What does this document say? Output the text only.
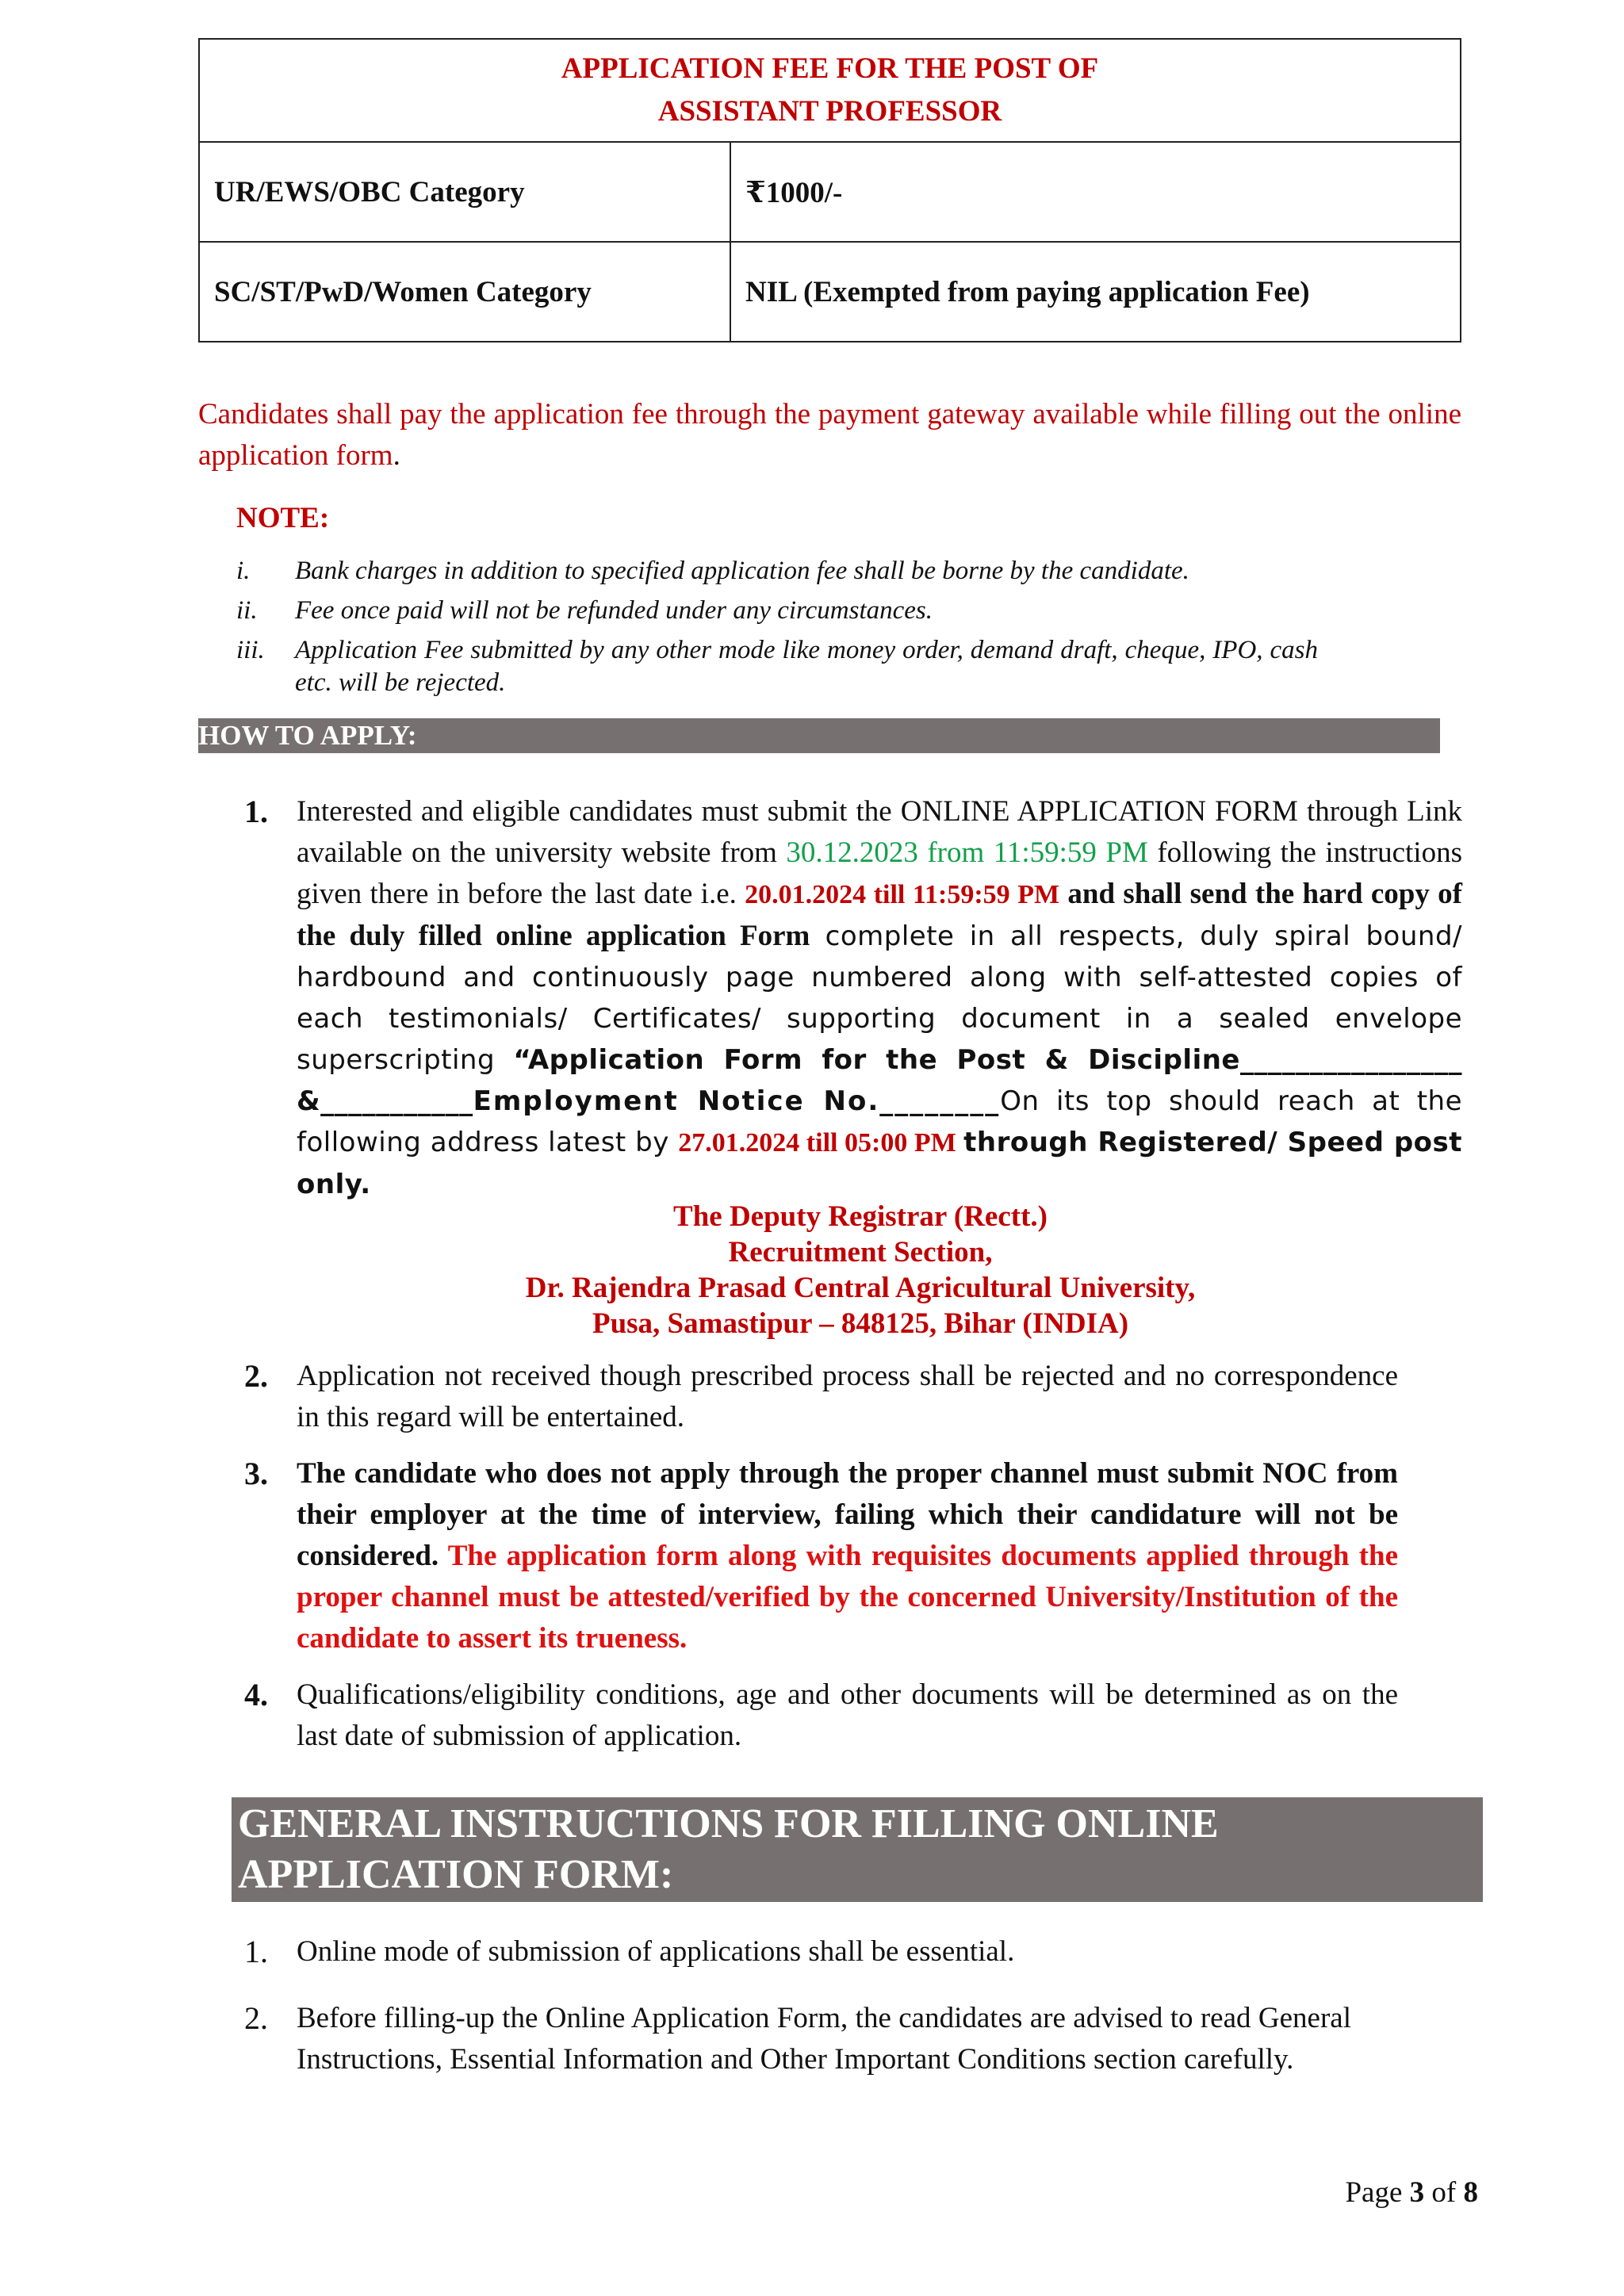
APPLICATION FEE FOR THE POST OF
ASSISTANT PROFESSOR	
UR/EWS/OBC Category	₹1000/-
SC/ST/PwD/Women Category	NIL (Exempted from paying application Fee)
Candidates shall pay the application fee through the payment gateway available while filling out the online application form.
NOTE:
i.	Bank charges in addition to specified application fee shall be borne by the candidate.
ii.	Fee once paid will not be refunded under any circumstances.
iii.	Application Fee submitted by any other mode like money order, demand draft, cheque, IPO, cash etc. will be rejected.
HOW TO APPLY:
1. Interested and eligible candidates must submit the ONLINE APPLICATION FORM through Link available on the university website from 30.12.2023 from 11:59:59 PM following the instructions given there in before the last date i.e. 20.01.2024 till 11:59:59 PM and shall send the hard copy of the duly filled online application Form complete in all respects, duly spiral bound/ hardbound and continuously page numbered along with self-attested copies of each testimonials/ Certificates/ supporting document in a sealed envelope superscripting “Application Form for the Post & Discipline________________ &___________Employment Notice No.________On its top should reach at the following address latest by 27.01.2024 till 05:00 PM through Registered/ Speed post only.
The Deputy Registrar (Rectt.)
Recruitment Section,
Dr. Rajendra Prasad Central Agricultural University,
Pusa, Samastipur – 848125, Bihar (INDIA)
2. Application not received though prescribed process shall be rejected and no correspondence in this regard will be entertained.
3. The candidate who does not apply through the proper channel must submit NOC from their employer at the time of interview, failing which their candidature will not be considered. The application form along with requisites documents applied through the proper channel must be attested/verified by the concerned University/Institution of the candidate to assert its trueness.
4. Qualifications/eligibility conditions, age and other documents will be determined as on the last date of submission of application.
GENERAL INSTRUCTIONS FOR FILLING ONLINE APPLICATION FORM:
1. Online mode of submission of applications shall be essential.
2. Before filling-up the Online Application Form, the candidates are advised to read General Instructions, Essential Information and Other Important Conditions section carefully.
Page 3 of 8
